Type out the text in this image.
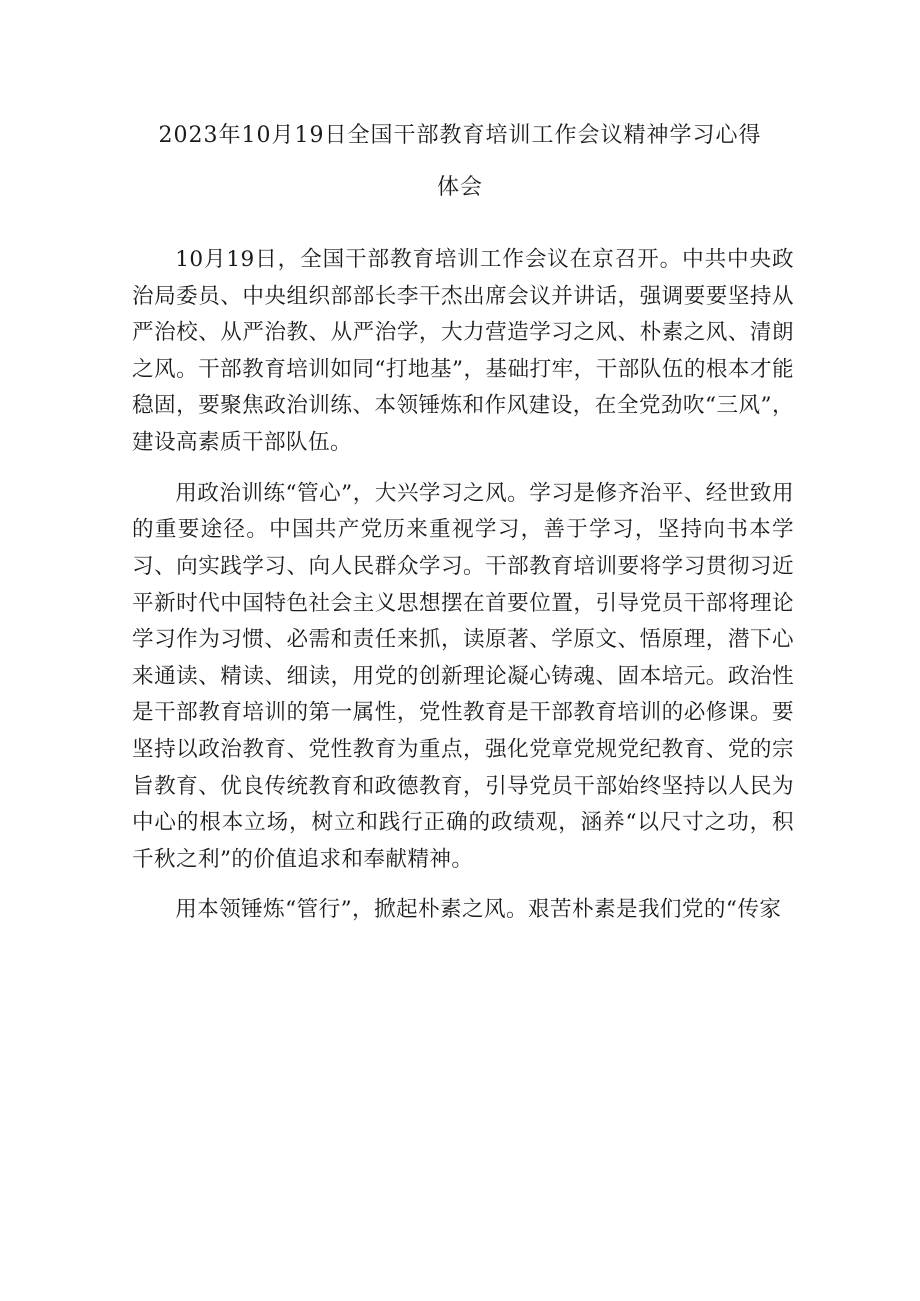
2023年10月19日全国干部教育培训工作会议精神学习心得
体会

10月19日，全国干部教育培训工作会议在京召开。中共中央政治局委员、中央组织部部长李干杰出席会议并讲话，强调要要坚持从严治校、从严治教、从严治学，大力营造学习之风、朴素之风、清朗之风。干部教育培训如同“打地基”，基础打牢，干部队伍的根本才能稳固，要聚焦政治训练、本领锤炼和作风建设，在全党劲吹“三风”，建设高素质干部队伍。

用政治训练“管心”，大兴学习之风。学习是修齐治平、经世致用的重要途径。中国共产党历来重视学习，善于学习，坚持向书本学习、向实践学习、向人民群众学习。干部教育培训要将学习贯彻习近平新时代中国特色社会主义思想摆在首要位置，引导党员干部将理论学习作为习惯、必需和责任来抓，读原著、学原文、悟原理，潜下心来通读、精读、细读，用党的创新理论凝心铸魂、固本培元。政治性是干部教育培训的第一属性，党性教育是干部教育培训的必修课。要坚持以政治教育、党性教育为重点，强化党章党规党纪教育、党的宗旨教育、优良传统教育和政德教育，引导党员干部始终坚持以人民为中心的根本立场，树立和践行正确的政绩观，涵养“以尺寸之功，积千秋之利”的价值追求和奉献精神。

用本领锤炼“管行”，掀起朴素之风。艰苦朴素是我们党的“传家
